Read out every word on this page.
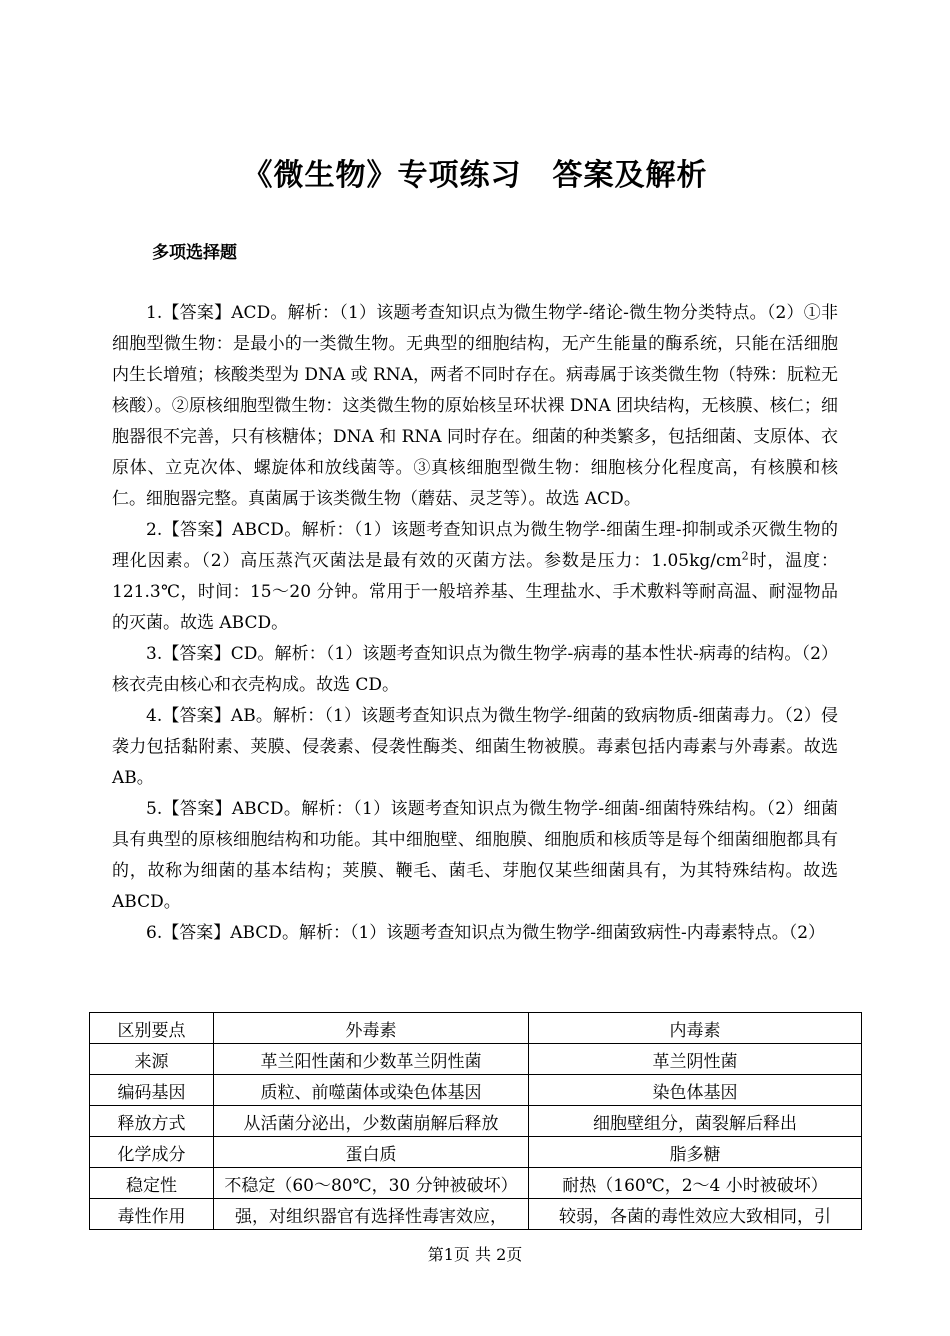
《微生物》专项练习　答案及解析
多项选择题

1.【答案】ACD。解析：（1）该题考查知识点为微生物学-绪论-微生物分类特点。（2）①非细胞型微生物：是最小的一类微生物。无典型的细胞结构，无产生能量的酶系统，只能在活细胞内生长增殖；核酸类型为 DNA 或 RNA，两者不同时存在。病毒属于该类微生物（特殊：朊粒无核酸）。②原核细胞型微生物：这类微生物的原始核呈环状裸 DNA 团块结构，无核膜、核仁；细胞器很不完善，只有核糖体；DNA 和 RNA 同时存在。细菌的种类繁多，包括细菌、支原体、衣原体、立克次体、螺旋体和放线菌等。③真核细胞型微生物：细胞核分化程度高，有核膜和核仁。细胞器完整。真菌属于该类微生物（蘑菇、灵芝等）。故选 ACD。

2.【答案】ABCD。解析：（1）该题考查知识点为微生物学-细菌生理-抑制或杀灭微生物的理化因素。（2）高压蒸汽灭菌法是最有效的灭菌方法。参数是压力：$1.05kg/cm^2$时，温度：121.3℃，时间：15～20 分钟。常用于一般培养基、生理盐水、手术敷料等耐高温、耐湿物品的灭菌。故选 ABCD。

3.【答案】CD。解析：（1）该题考查知识点为微生物学-病毒的基本性状-病毒的结构。（2）核衣壳由核心和衣壳构成。故选 CD。

4.【答案】AB。解析：（1）该题考查知识点为微生物学-细菌的致病物质-细菌毒力。（2）侵袭力包括黏附素、荚膜、侵袭素、侵袭性酶类、细菌生物被膜。毒素包括内毒素与外毒素。故选 AB。

5.【答案】ABCD。解析：（1）该题考查知识点为微生物学-细菌-细菌特殊结构。（2）细菌具有典型的原核细胞结构和功能。其中细胞壁、细胞膜、细胞质和核质等是每个细菌细胞都具有的，故称为细菌的基本结构；荚膜、鞭毛、菌毛、芽胞仅某些细菌具有，为其特殊结构。故选 ABCD。

6.【答案】ABCD。解析：（1）该题考查知识点为微生物学-细菌致病性-内毒素特点。（2）

区别要点	外毒素	内毒素
来源	革兰阳性菌和少数革兰阴性菌	革兰阴性菌
编码基因	质粒、前噬菌体或染色体基因	染色体基因
释放方式	从活菌分泌出，少数菌崩解后释放	细胞壁组分，菌裂解后释出
化学成分	蛋白质	脂多糖
稳定性	不稳定（60～80℃，30 分钟被破坏）	耐热（160℃，2～4 小时被破坏）
毒性作用	强，对组织器官有选择性毒害效应，	较弱，各菌的毒性效应大致相同，引
第1页 共 2页
